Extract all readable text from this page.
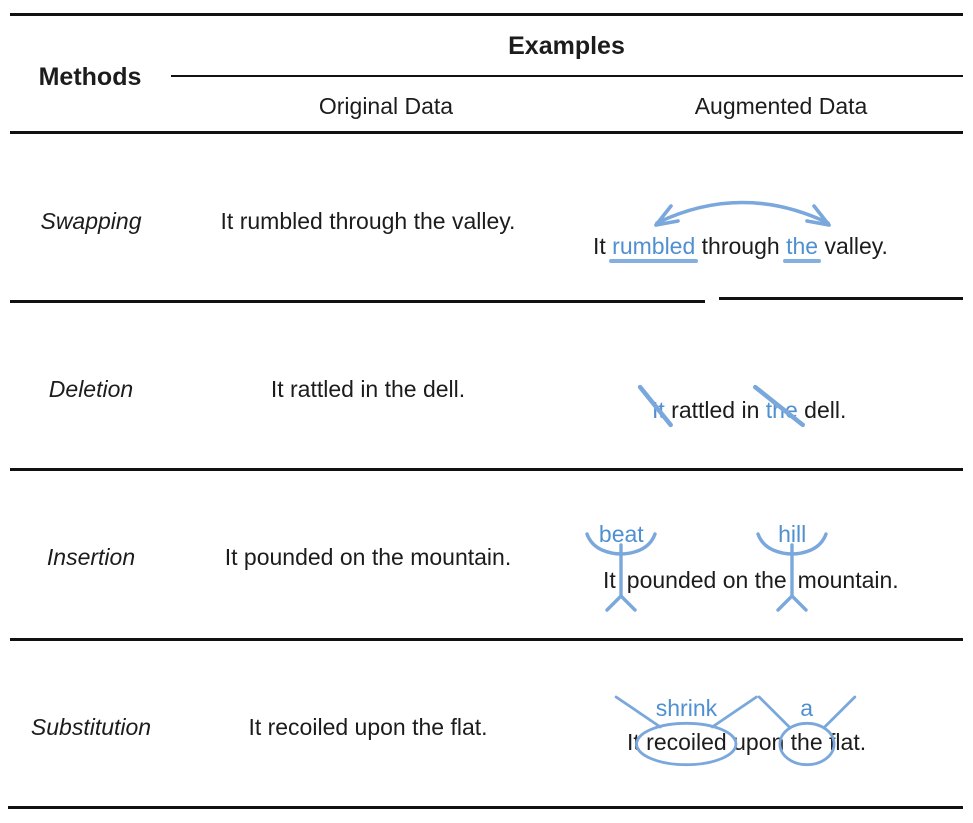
Methods
Examples
Original Data	Augmented Data
Swapping
Deletion
Insertion
Substitution
It rumbled through the valley.
It rattled in the dell.
It pounded on the mountain.
It recoiled upon the flat.
It rumbled through the valley.
It rattled in
the dell.
It
beat
pounded on the
hill
mountain.
It
shrink
recoiled upon
a
the flat.
